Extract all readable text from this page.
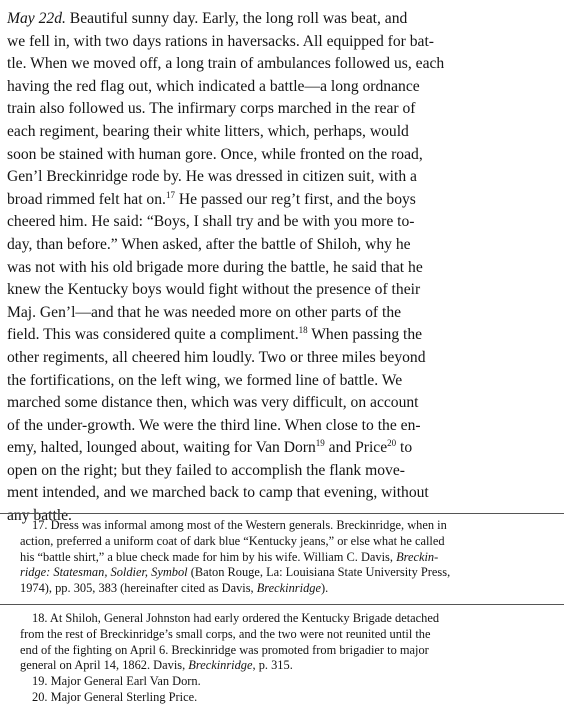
May 22d. Beautiful sunny day. Early, the long roll was beat, and
we fell in, with two days rations in haversacks. All equipped for bat-
tle. When we moved off, a long train of ambulances followed us, each
having the red flag out, which indicated a battle—a long ordnance
train also followed us. The infirmary corps marched in the rear of
each regiment, bearing their white litters, which, perhaps, would
soon be stained with human gore. Once, while fronted on the road,
Gen’l Breckinridge rode by. He was dressed in citizen suit, with a
broad rimmed felt hat on.$^{17}$ He passed our reg’t first, and the boys
cheered him. He said: “Boys, I shall try and be with you more to-
day, than before.” When asked, after the battle of Shiloh, why he
was not with his old brigade more during the battle, he said that he
knew the Kentucky boys would fight without the presence of their
Maj. Gen’l—and that he was needed more on other parts of the
field. This was considered quite a compliment.$^{18}$ When passing the
other regiments, all cheered him loudly. Two or three miles beyond
the fortifications, on the left wing, we formed line of battle. We
marched some distance then, which was very difficult, on account
of the under-growth. We were the third line. When close to the en-
emy, halted, lounged about, waiting for Van Dorn$^{19}$ and Price$^{20}$ to
open on the right; but they failed to accomplish the flank move-
ment intended, and we marched back to camp that evening, without
any battle.
17. Dress was informal among most of the Western generals. Breckinridge, when in
action, preferred a uniform coat of dark blue “Kentucky jeans,” or else what he called
his “battle shirt,” a blue check made for him by his wife. William C. Davis, Breckin-
ridge: Statesman, Soldier, Symbol (Baton Rouge, La: Louisiana State University Press,
1974), pp. 305, 383 (hereinafter cited as Davis, Breckinridge).
18. At Shiloh, General Johnston had early ordered the Kentucky Brigade detached
from the rest of Breckinridge’s small corps, and the two were not reunited until the
end of the fighting on April 6. Breckinridge was promoted from brigadier to major
general on April 14, 1862. Davis, Breckinridge, p. 315.
19. Major General Earl Van Dorn.
20. Major General Sterling Price.
